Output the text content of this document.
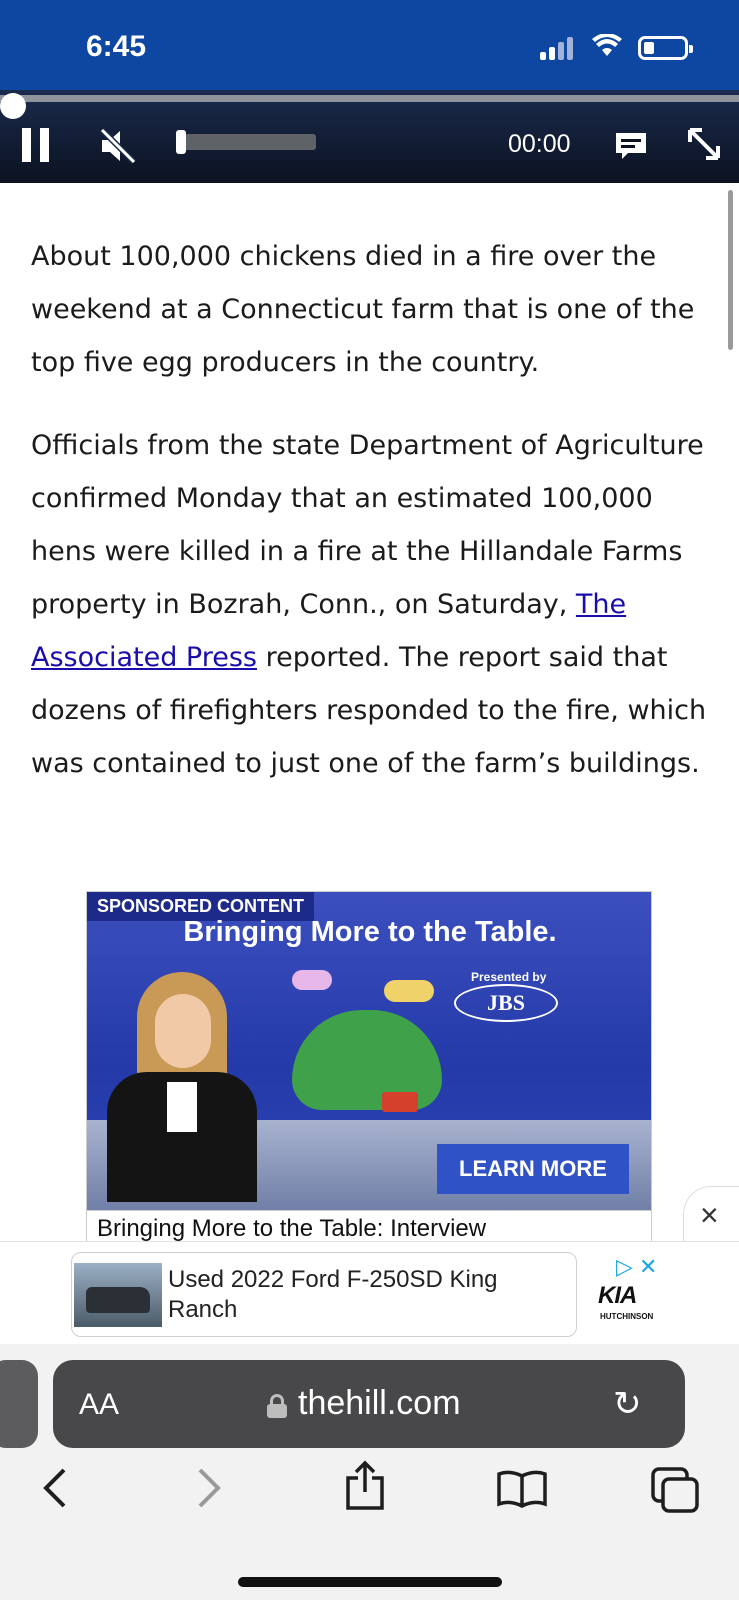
6:45
00:00

About 100,000 chickens died in a fire over the weekend at a Connecticut farm that is one of the top five egg producers in the country.

Officials from the state Department of Agriculture confirmed Monday that an estimated 100,000 hens were killed in a fire at the Hillandale Farms property in Bozrah, Conn., on Saturday, The Associated Press reported. The report said that dozens of firefighters responded to the fire, which was contained to just one of the farm’s buildings.

SPONSORED CONTENT
Bringing More to the Table.
Presented by
JBS
LEARN MORE
Bringing More to the Table: Interview	×
Used 2022 Ford F-250SD King Ranch
▷ ✕
KIA
HUTCHINSON
AA	thehill.com	↻
